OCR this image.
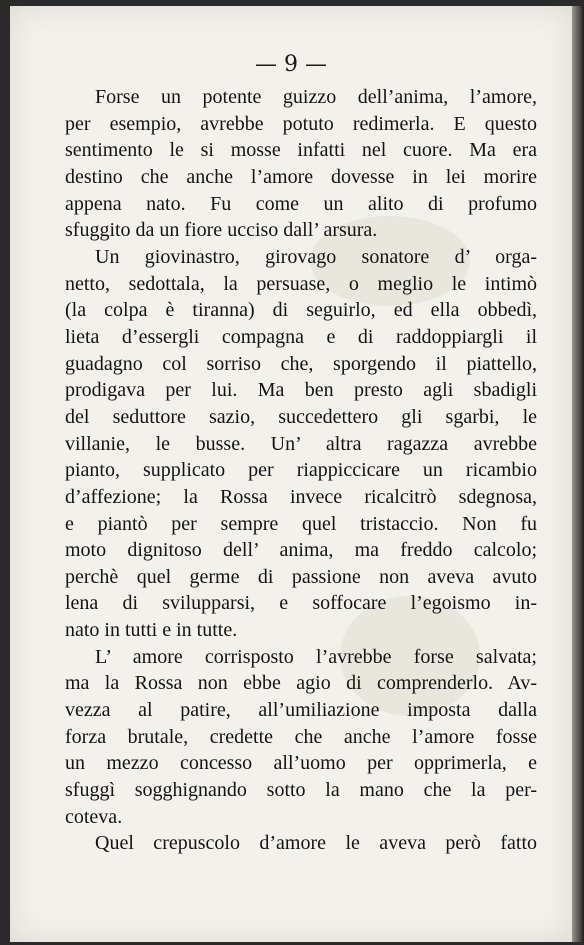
— 9 —
Forse un potente guizzo dell’anima, l’amore,
per esempio, avrebbe potuto redimerla. E questo
sentimento le si mosse infatti nel cuore. Ma era
destino che anche l’amore dovesse in lei morire
appena nato. Fu come un alito di profumo
sfuggito da un fiore ucciso dall’ arsura.
Un giovinastro, girovago sonatore d’ orga-
netto, sedottala, la persuase, o meglio le intimò
(la colpa è tiranna) di seguirlo, ed ella obbedì,
lieta d’essergli compagna e di raddoppiargli il
guadagno col sorriso che, sporgendo il piattello,
prodigava per lui. Ma ben presto agli sbadigli
del seduttore sazio, succedettero gli sgarbi, le
villanie, le busse. Un’ altra ragazza avrebbe
pianto, supplicato per riappiccicare un ricambio
d’affezione; la Rossa invece ricalcitrò sdegnosa,
e piantò per sempre quel tristaccio. Non fu
moto dignitoso dell’ anima, ma freddo calcolo;
perchè quel germe di passione non aveva avuto
lena di svilupparsi, e soffocare l’egoismo in-
nato in tutti e in tutte.
L’ amore corrisposto l’avrebbe forse salvata;
ma la Rossa non ebbe agio di comprenderlo. Av-
vezza al patire, all’umiliazione imposta dalla
forza brutale, credette che anche l’amore fosse
un mezzo concesso all’uomo per opprimerla, e
sfuggì sogghignando sotto la mano che la per-
coteva.
Quel crepuscolo d’amore le aveva però fatto
